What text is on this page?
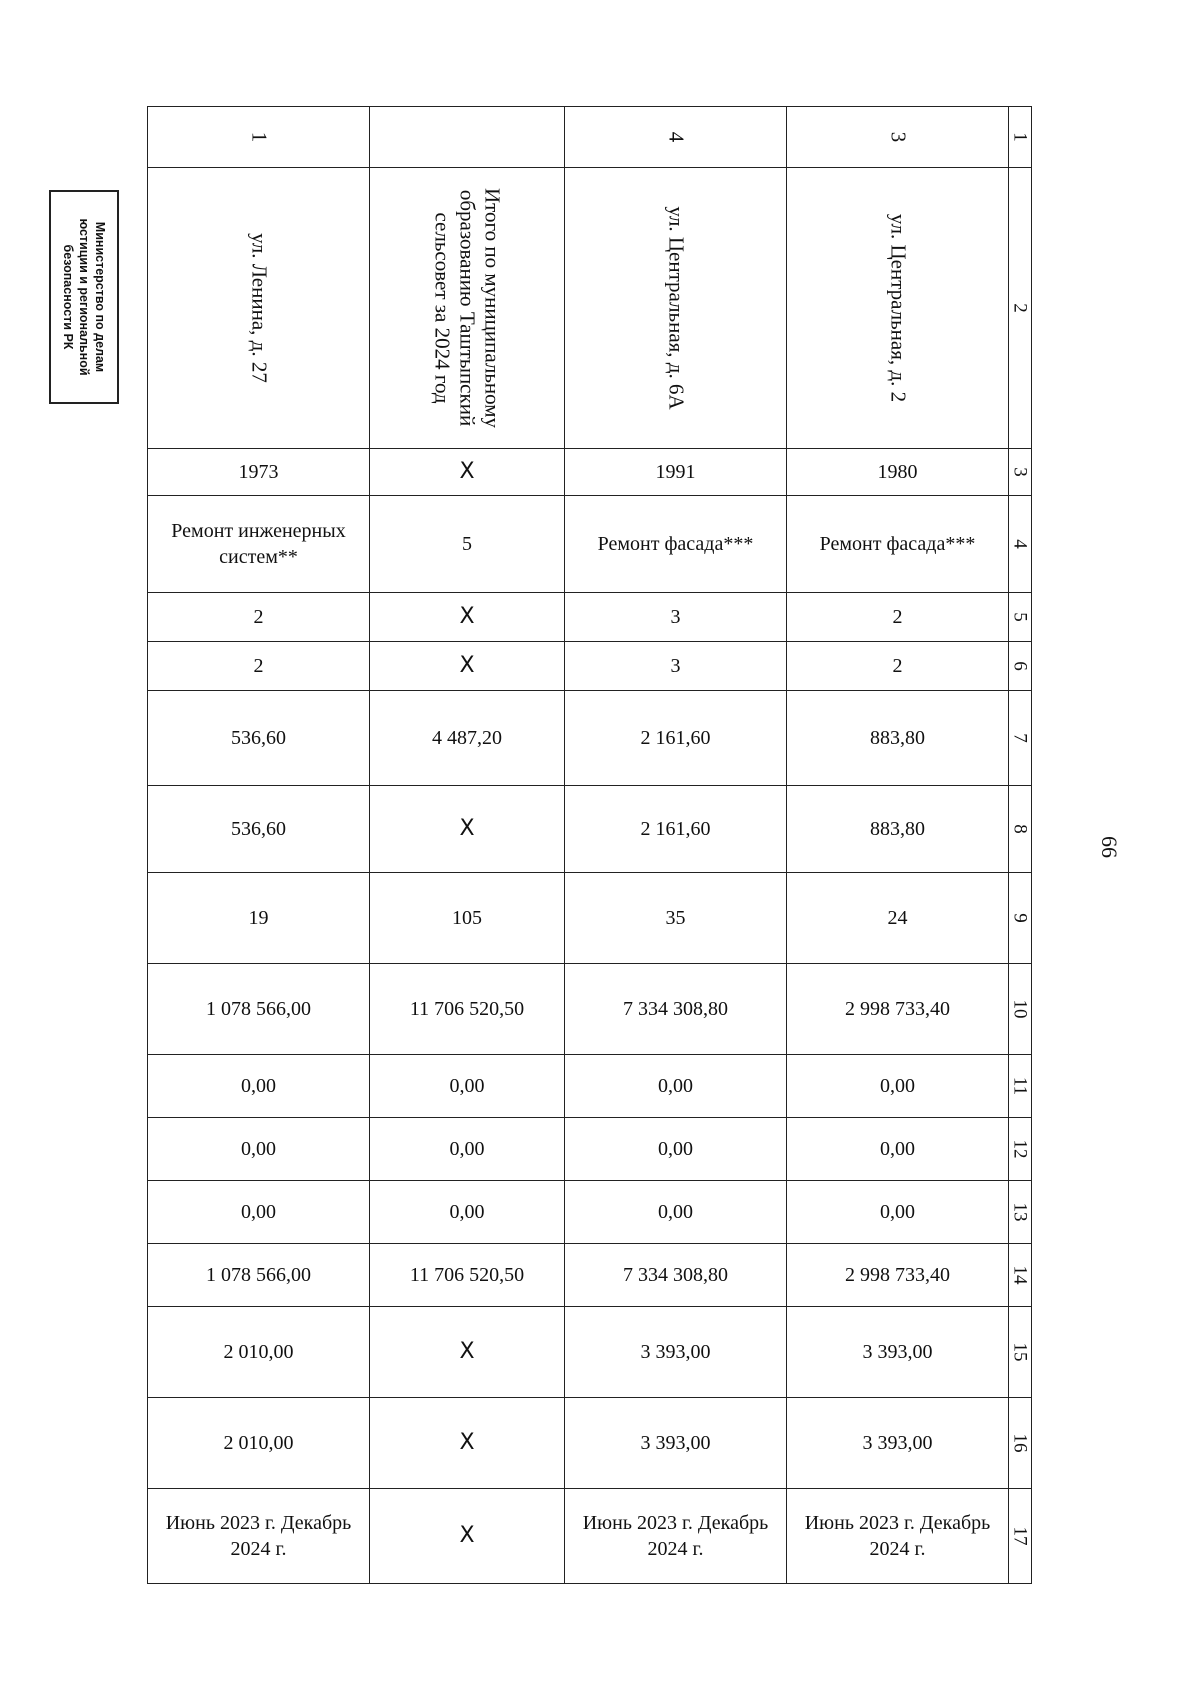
Министерство по делам
юстиции и региональной
безопасности РК
66
1		4	3	1

ул. Ленина, д. 27	Итого по муниципальному образованию Таштыпский сельсовет за 2024 год	ул. Центральная, д. 6А	ул. Центральная, д. 2	2

1973	X	1991	1980	3

Ремонт инженерных систем**	5	Ремонт фасада***	Ремонт фасада***	4

2	X	3	2	5

2	X	3	2	6

536,60	4 487,20	2 161,60	883,80	7

536,60	X	2 161,60	883,80	8

19	105	35	24	9

1 078 566,00	11 706 520,50	7 334 308,80	2 998 733,40	10

0,00	0,00	0,00	0,00	11

0,00	0,00	0,00	0,00	12

0,00	0,00	0,00	0,00	13

1 078 566,00	11 706 520,50	7 334 308,80	2 998 733,40	14

2 010,00	X	3 393,00	3 393,00	15

2 010,00	X	3 393,00	3 393,00	16

Июнь 2023 г. Декабрь 2024 г.	X	Июнь 2023 г. Декабрь 2024 г.	Июнь 2023 г. Декабрь 2024 г.	17
